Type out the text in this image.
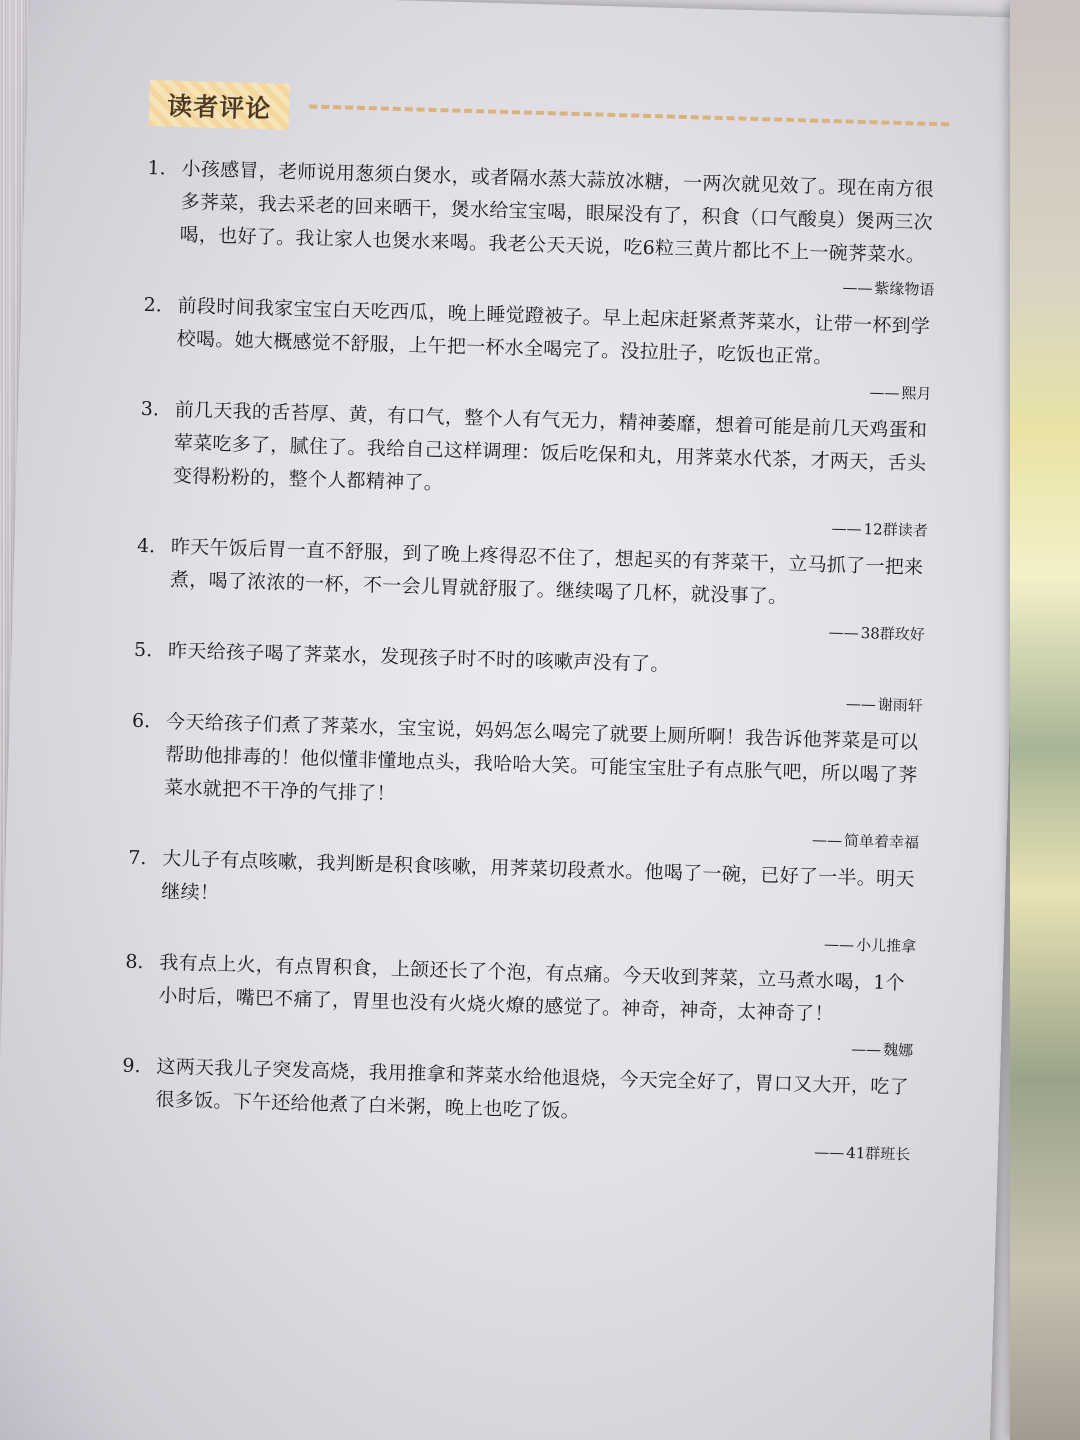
读者评论
1. 小孩感冒，老师说用葱须白煲水，或者隔水蒸大蒜放冰糖，一两次就见效了。现在南方很多荠菜，我去采老的回来晒干，煲水给宝宝喝，眼屎没有了，积食（口气酸臭）煲两三次喝，也好了。我让家人也煲水来喝。我老公天天说，吃6粒三黄片都比不上一碗荠菜水。
——紫缘物语
2. 前段时间我家宝宝白天吃西瓜，晚上睡觉蹬被子。早上起床赶紧煮荠菜水，让带一杯到学校喝。她大概感觉不舒服，上午把一杯水全喝完了。没拉肚子，吃饭也正常。
——熙月
3. 前几天我的舌苔厚、黄，有口气，整个人有气无力，精神萎靡，想着可能是前几天鸡蛋和荤菜吃多了，腻住了。我给自己这样调理：饭后吃保和丸，用荠菜水代茶，才两天，舌头变得粉粉的，整个人都精神了。
——12群读者
4. 昨天午饭后胃一直不舒服，到了晚上疼得忍不住了，想起买的有荠菜干，立马抓了一把来煮，喝了浓浓的一杯，不一会儿胃就舒服了。继续喝了几杯，就没事了。
——38群玫好
5. 昨天给孩子喝了荠菜水，发现孩子时不时的咳嗽声没有了。
——谢雨轩
6. 今天给孩子们煮了荠菜水，宝宝说，妈妈怎么喝完了就要上厕所啊！我告诉他荠菜是可以帮助他排毒的！他似懂非懂地点头，我哈哈大笑。可能宝宝肚子有点胀气吧，所以喝了荠菜水就把不干净的气排了！
——简单着幸福
7. 大儿子有点咳嗽，我判断是积食咳嗽，用荠菜切段煮水。他喝了一碗，已好了一半。明天继续！
——小儿推拿
8. 我有点上火，有点胃积食，上颌还长了个泡，有点痛。今天收到荠菜，立马煮水喝，1个小时后，嘴巴不痛了，胃里也没有火烧火燎的感觉了。神奇，神奇，太神奇了！
——魏娜
9. 这两天我儿子突发高烧，我用推拿和荠菜水给他退烧，今天完全好了，胃口又大开，吃了很多饭。下午还给他煮了白米粥，晚上也吃了饭。
——41群班长
